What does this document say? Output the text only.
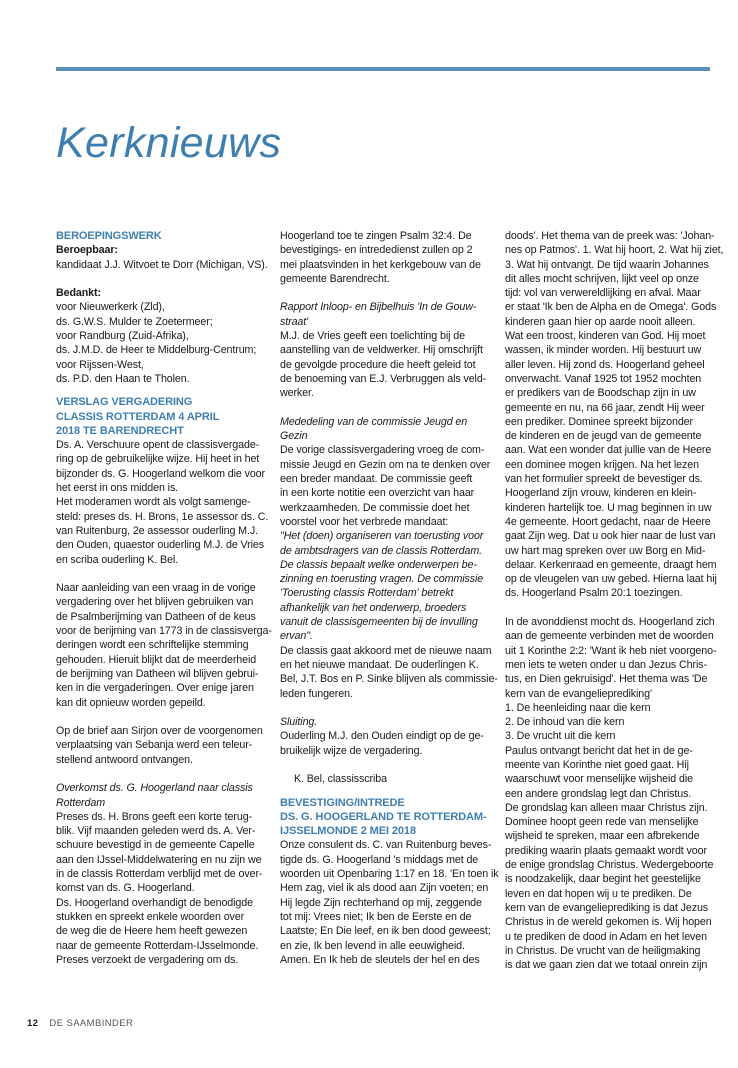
Kerknieuws
BEROEPINGSWERK
Beroepbaar:
kandidaat J.J. Witvoet te Dorr (Michigan, VS).
Bedankt:
voor Nieuwerkerk (Zld),
ds. G.W.S. Mulder te Zoetermeer;
voor Randburg (Zuid-Afrika),
ds. J.M.D. de Heer te Middelburg-Centrum;
voor Rijssen-West,
ds. P.D. den Haan te Tholen.
VERSLAG VERGADERING
CLASSIS ROTTERDAM 4 APRIL
2018 TE BARENDRECHT
Ds. A. Verschuure opent de classisvergade-
ring op de gebruikelijke wijze. Hij heet in het
bijzonder ds. G. Hoogerland welkom die voor
het eerst in ons midden is.
Het moderamen wordt als volgt samenge-
steld: preses ds. H. Brons, 1e assessor ds. C.
van Ruitenburg, 2e assessor ouderling M.J.
den Ouden, quaestor ouderling M.J. de Vries
en scriba ouderling K. Bel.
Naar aanleiding van een vraag in de vorige
vergadering over het blijven gebruiken van
de Psalmberijming van Datheen of de keus
voor de berijming van 1773 in de classisverga-
deringen wordt een schriftelijke stemming
gehouden. Hieruit blijkt dat de meerderheid
de berijming van Datheen wil blijven gebrui-
ken in die vergaderingen. Over enige jaren
kan dit opnieuw worden gepeild.
Op de brief aan Sirjon over de voorgenomen
verplaatsing van Sebanja werd een teleur-
stellend antwoord ontvangen.
Overkomst ds. G. Hoogerland naar classis
Rotterdam
Preses ds. H. Brons geeft een korte terug-
blik. Vijf maanden geleden werd ds. A. Ver-
schuure bevestigd in de gemeente Capelle
aan den IJssel-Middelwatering en nu zijn we
in de classis Rotterdam verblijd met de over-
komst van ds. G. Hoogerland.
Ds. Hoogerland overhandigt de benodigde
stukken en spreekt enkele woorden over
de weg die de Heere hem heeft gewezen
naar de gemeente Rotterdam-IJsselmonde.
Preses verzoekt de vergadering om ds.
Hoogerland toe te zingen Psalm 32:4. De
bevestigings- en intrededienst zullen op 2
mei plaatsvinden in het kerkgebouw van de
gemeente Barendrecht.
Rapport Inloop- en Bijbelhuis 'In de Gouw-
straat'
M.J. de Vries geeft een toelichting bij de
aanstelling van de veldwerker. Hij omschrijft
de gevolgde procedure die heeft geleid tot
de benoeming van E.J. Verbruggen als veld-
werker.
Mededeling van de commissie Jeugd en
Gezin
De vorige classisvergadering vroeg de com-
missie Jeugd en Gezin om na te denken over
een breder mandaat. De commissie geeft
in een korte notitie een overzicht van haar
werkzaamheden. De commissie doet het
voorstel voor het verbrede mandaat:
"Het (doen) organiseren van toerusting voor
de ambtsdragers van de classis Rotterdam.
De classis bepaalt welke onderwerpen be-
zinning en toerusting vragen. De commissie
'Toerusting classis Rotterdam' betrekt
afhankelijk van het onderwerp, broeders
vanuit de classisgemeenten bij de invulling
ervan".
De classis gaat akkoord met de nieuwe naam
en het nieuwe mandaat. De ouderlingen K.
Bel, J.T. Bos en P. Sinke blijven als commissie-
leden fungeren.
Sluiting.
Ouderling M.J. den Ouden eindigt op de ge-
bruikelijk wijze de vergadering.
K. Bel, classisscriba
BEVESTIGING/INTREDE
DS. G. HOOGERLAND TE ROTTERDAM-
IJSSELMONDE 2 MEI 2018
Onze consulent ds. C. van Ruitenburg beves-
tigde ds. G. Hoogerland 's middags met de
woorden uit Openbaring 1:17 en 18. 'En toen ik
Hem zag, viel ik als dood aan Zijn voeten; en
Hij legde Zijn rechterhand op mij, zeggende
tot mij: Vrees niet; Ik ben de Eerste en de
Laatste; En Die leef, en ik ben dood geweest;
en zie, Ik ben levend in alle eeuwigheid.
Amen. En Ik heb de sleutels der hel en des
doods'. Het thema van de preek was: 'Johan-
nes op Patmos'. 1. Wat hij hoort, 2. Wat hij ziet,
3. Wat hij ontvangt. De tijd waarin Johannes
dit alles mocht schrijven, lijkt veel op onze
tijd: vol van verwereldlijking en afval. Maar
er staat 'Ik ben de Alpha en de Omega'. Gods
kinderen gaan hier op aarde nooit alleen.
Wat een troost, kinderen van God. Hij moet
wassen, ik minder worden. Hij bestuurt uw
aller leven. Hij zond ds. Hoogerland geheel
onverwacht. Vanaf 1925 tot 1952 mochten
er predikers van de Boodschap zijn in uw
gemeente en nu, na 66 jaar, zendt Hij weer
een prediker. Dominee spreekt bijzonder
de kinderen en de jeugd van de gemeente
aan. Wat een wonder dat jullie van de Heere
een dominee mogen krijgen. Na het lezen
van het formulier spreekt de bevestiger ds.
Hoogerland zijn vrouw, kinderen en klein-
kinderen hartelijk toe. U mag beginnen in uw
4e gemeente. Hoort gedacht, naar de Heere
gaat Zijn weg. Dat u ook hier naar de lust van
uw hart mag spreken over uw Borg en Mid-
delaar. Kerkenraad en gemeente, draagt hem
op de vleugelen van uw gebed. Hierna laat hij
ds. Hoogerland Psalm 20:1 toezingen.
In de avonddienst mocht ds. Hoogerland zich
aan de gemeente verbinden met de woorden
uit 1 Korinthe 2:2: 'Want ik heb niet voorgeno-
men iets te weten onder u dan Jezus Chris-
tus, en Dien gekruisigd'. Het thema was 'De
kern van de evangelieprediking'
1. De heenleiding naar die kern
2. De inhoud van die kern
3. De vrucht uit die kern
Paulus ontvangt bericht dat het in de ge-
meente van Korinthe niet goed gaat. Hij
waarschuwt voor menselijke wijsheid die
een andere grondslag legt dan Christus.
De grondslag kan alleen maar Christus zijn.
Dominee hoopt geen rede van menselijke
wijsheid te spreken, maar een afbrekende
prediking waarin plaats gemaakt wordt voor
de enige grondslag Christus. Wedergeboorte
is noodzakelijk, daar begint het geestelijke
leven en dat hopen wij u te prediken. De
kern van de evangelieprediking is dat Jezus
Christus in de wereld gekomen is. Wij hopen
u te prediken de dood in Adam en het leven
in Christus. De vrucht van de heiligmaking
is dat we gaan zien dat we totaal onrein zijn
12 DE SAAMBINDER
